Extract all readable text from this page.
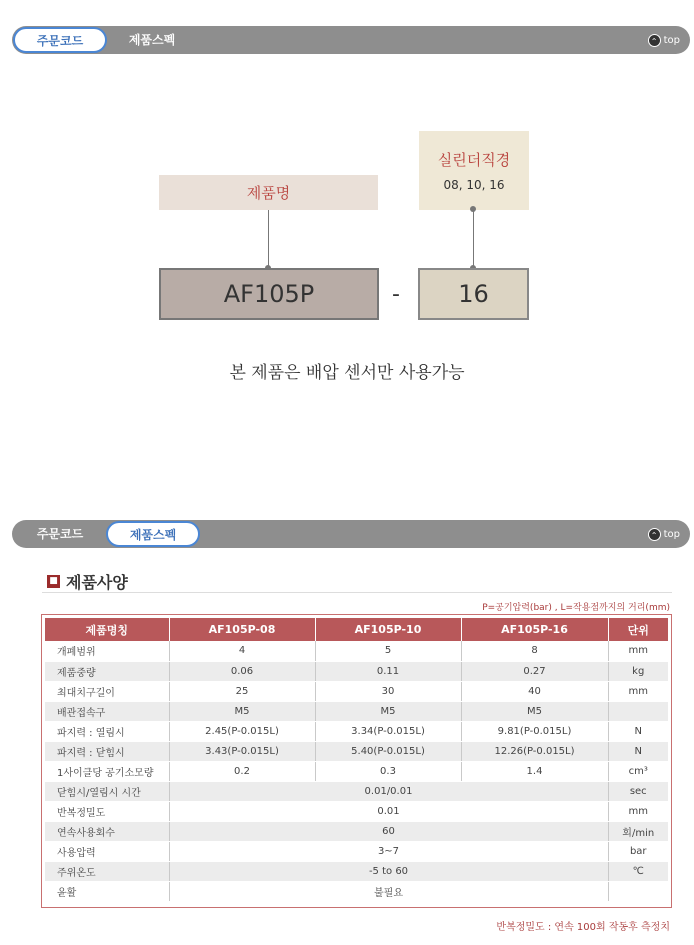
주문코드	제품스펙	⌃ top
제품명
실린더직경
08, 10, 16
AF105P	-	16
본 제품은 배압 센서만 사용가능
주문코드	제품스펙	⌃ top
■ 제품사양
P=공기압력(bar) , L=작용점까지의 거리(mm)
제품명칭	AF105P-08	AF105P-10	AF105P-16	단위
개폐범위	4	5	8	mm
제품중량	0.06	0.11	0.27	kg
최대치구길이	25	30	40	mm
배관접속구	M5	M5	M5	
파지력 : 열림시	2.45(P-0.015L)	3.34(P-0.015L)	9.81(P-0.015L)	N
파지력 : 닫힘시	3.43(P-0.015L)	5.40(P-0.015L)	12.26(P-0.015L)	N
1사이클당 공기소모량	0.2	0.3	1.4	cm³
닫힘시/열림시 시간	0.01/0.01			sec
반복정밀도	0.01			mm
연속사용회수	60			회/min
사용압력	3~7			bar
주위온도	-5 to 60			℃
윤활	불필요			
반복정밀도 : 연속 100회 작동후 측정치
